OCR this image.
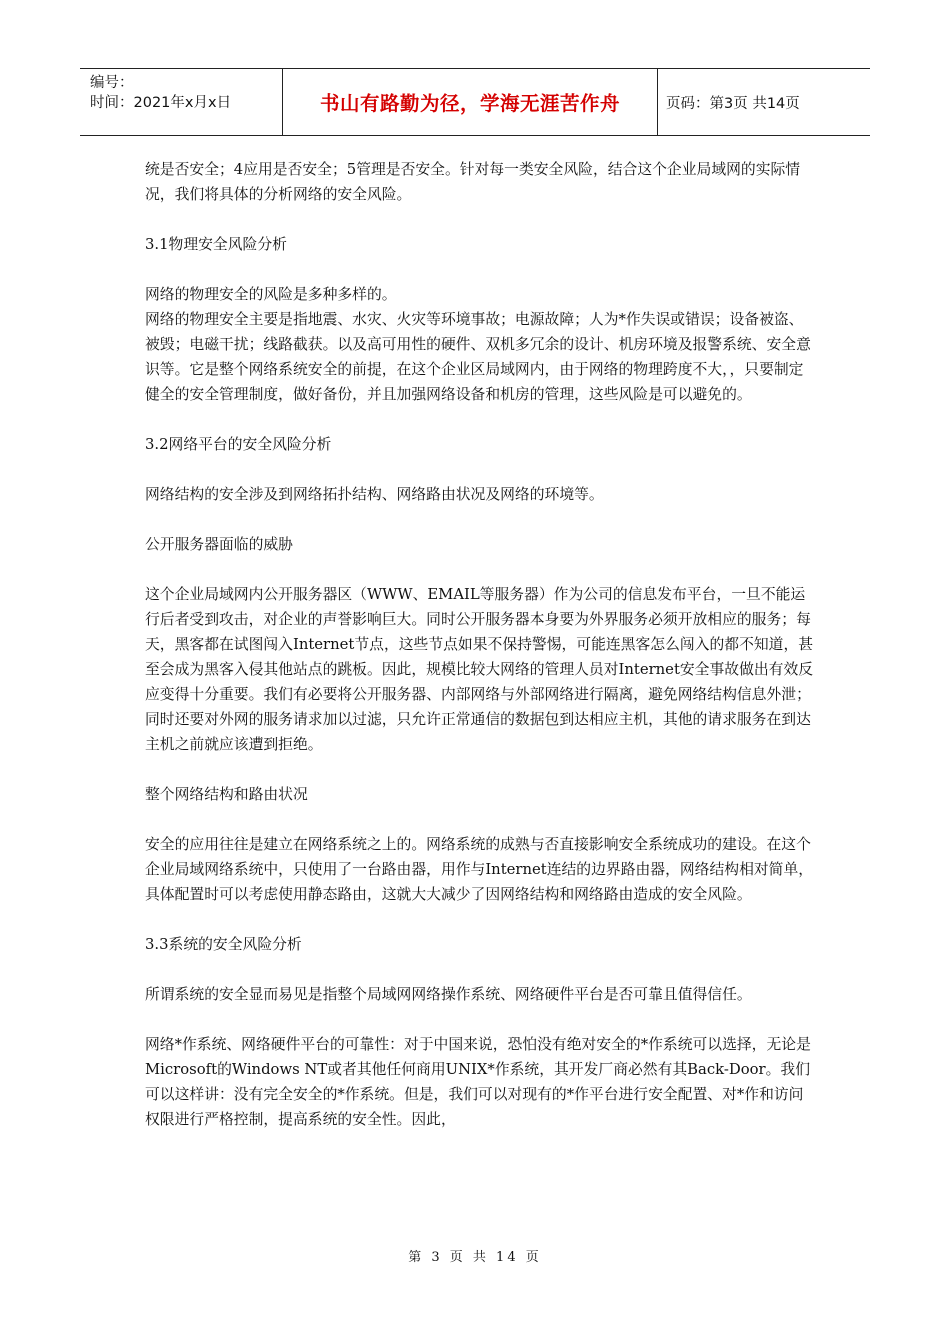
编号：
时间：2021年x月x日	书山有路勤为径，学海无涯苦作舟	页码：第3页 共14页

统是否安全；4应用是否安全；5管理是否安全。针对每一类安全风险，结合这个企业局域网的实际情况，我们将具体的分析网络的安全风险。

3.1物理安全风险分析

网络的物理安全的风险是多种多样的。

网络的物理安全主要是指地震、水灾、火灾等环境事故；电源故障；人为*作失误或错误；设备被盗、被毁；电磁干扰；线路截获。以及高可用性的硬件、双机多冗余的设计、机房环境及报警系统、安全意识等。它是整个网络系统安全的前提，在这个企业区局域网内，由于网络的物理跨度不大，，只要制定健全的安全管理制度，做好备份，并且加强网络设备和机房的管理，这些风险是可以避免的。

3.2网络平台的安全风险分析

网络结构的安全涉及到网络拓扑结构、网络路由状况及网络的环境等。

公开服务器面临的威胁

这个企业局域网内公开服务器区（WWW、EMAIL等服务器）作为公司的信息发布平台，一旦不能运行后者受到攻击，对企业的声誉影响巨大。同时公开服务器本身要为外界服务必须开放相应的服务；每天，黑客都在试图闯入Internet节点，这些节点如果不保持警惕，可能连黑客怎么闯入的都不知道，甚至会成为黑客入侵其他站点的跳板。因此，规模比较大网络的管理人员对Internet安全事故做出有效反应变得十分重要。我们有必要将公开服务器、内部网络与外部网络进行隔离，避免网络结构信息外泄；同时还要对外网的服务请求加以过滤，只允许正常通信的数据包到达相应主机，其他的请求服务在到达主机之前就应该遭到拒绝。

整个网络结构和路由状况

安全的应用往往是建立在网络系统之上的。网络系统的成熟与否直接影响安全系统成功的建设。在这个企业局域网络系统中，只使用了一台路由器，用作与Internet连结的边界路由器，网络结构相对简单，具体配置时可以考虑使用静态路由，这就大大减少了因网络结构和网络路由造成的安全风险。

3.3系统的安全风险分析

所谓系统的安全显而易见是指整个局域网网络操作系统、网络硬件平台是否可靠且值得信任。

网络*作系统、网络硬件平台的可靠性：对于中国来说，恐怕没有绝对安全的*作系统可以选择，无论是Microsoft的Windows NT或者其他任何商用UNIX*作系统，其开发厂商必然有其Back-Door。我们可以这样讲：没有完全安全的*作系统。但是，我们可以对现有的*作平台进行安全配置、对*作和访问权限进行严格控制，提高系统的安全性。因此，

第 3 页 共 14 页
